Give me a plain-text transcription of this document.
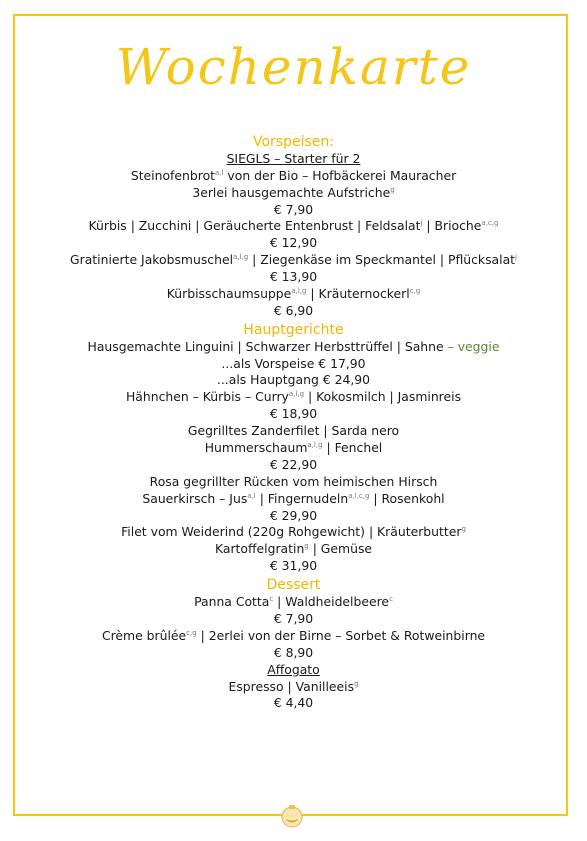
Wochenkarte
Vorspeisen:
SIEGLS – Starter für 2
Steinofenbrot$^{a,l}$ von der Bio – Hofbäckerei Mauracher
3erlei hausgemachte Aufstriche$^g$
€ 7,90
Kürbis | Zucchini | Geräucherte Entenbrust | Feldsalat$^j$ | Brioche$^{a,c,g}$
€ 12,90
Gratinierte Jakobsmuschel$^{a,l,g}$ | Ziegenkäse im Speckmantel | Pflücksalat$^j$
€ 13,90
Kürbisschaumsuppe$^{a,l,g}$ | Kräuternockerl$^{c,g}$
€ 6,90
Hauptgerichte
Hausgemachte Linguini | Schwarzer Herbsttrüffel | Sahne – veggie
...als Vorspeise € 17,90
...als Hauptgang € 24,90
Hähnchen – Kürbis – Curry$^{a,l,g}$ | Kokosmilch | Jasminreis
€ 18,90
Gegrilltes Zanderfilet | Sarda nero
Hummerschaum$^{a,l,g}$ | Fenchel
€ 22,90
Rosa gegrillter Rücken vom heimischen Hirsch
Sauerkirsch – Jus$^{a,l}$ | Fingernudeln$^{a,l,c,g}$ | Rosenkohl
€ 29,90
Filet vom Weiderind (220g Rohgewicht) | Kräuterbutter$^g$
Kartoffelgratin$^g$ | Gemüse
€ 31,90
Dessert
Panna Cotta$^c$ | Waldheidelbeere$^c$
€ 7,90
Crème brûlée$^{c,g}$ | 2erlei von der Birne – Sorbet & Rotweinbirne
€ 8,90
Affogato
Espresso | Vanilleeis$^g$
€ 4,40
